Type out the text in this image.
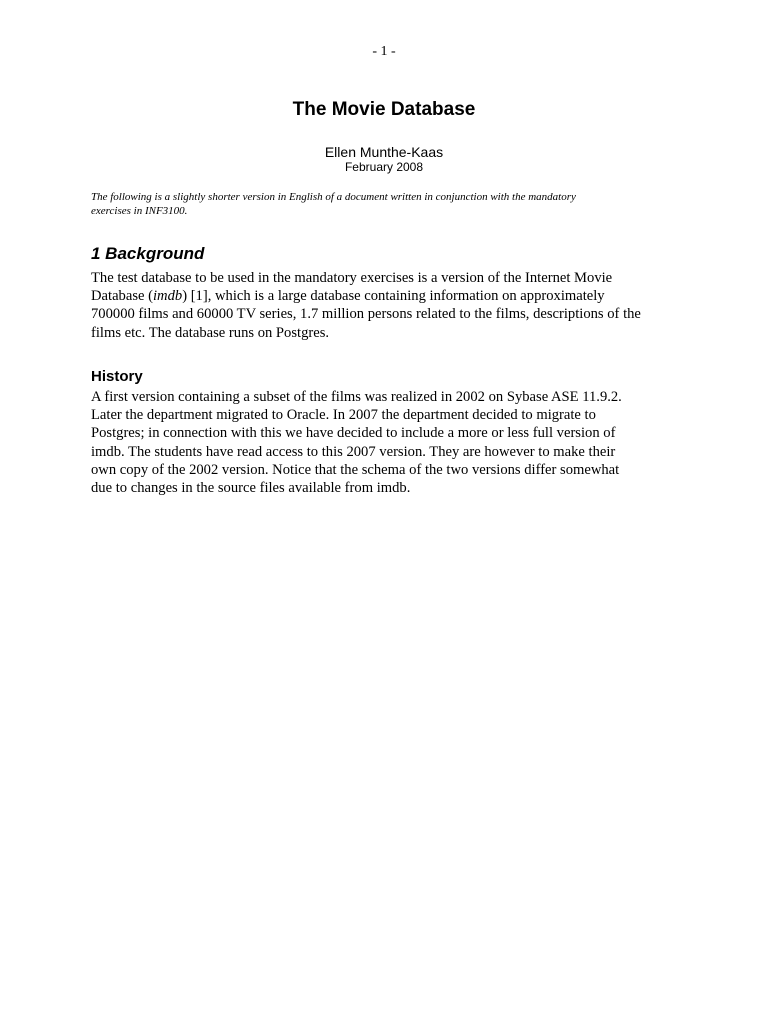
- 1 -
The Movie Database
Ellen Munthe-Kaas
February 2008

The following is a slightly shorter version in English of a document written in conjunction with the mandatory
exercises in INF3100.

1 Background

The test database to be used in the mandatory exercises is a version of the Internet Movie
Database (imdb) [1], which is a large database containing information on approximately
700000 films and 60000 TV series, 1.7 million persons related to the films, descriptions of the
films etc. The database runs on Postgres.

History

A first version containing a subset of the films was realized in 2002 on Sybase ASE 11.9.2.
Later the department migrated to Oracle. In 2007 the department decided to migrate to
Postgres; in connection with this we have decided to include a more or less full version of
imdb. The students have read access to this 2007 version. They are however to make their
own copy of the 2002 version. Notice that the schema of the two versions differ somewhat
due to changes in the source files available from imdb.
